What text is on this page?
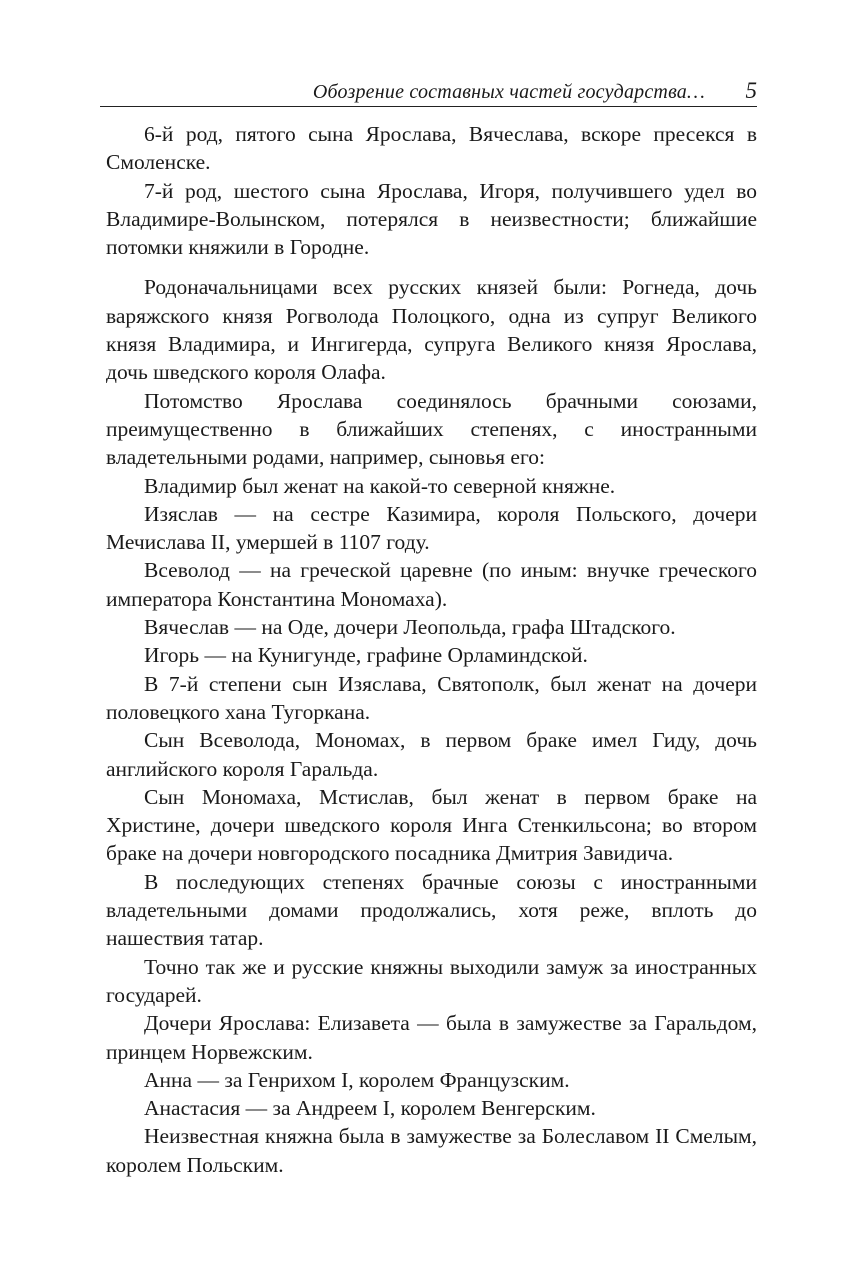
Обозрение составных частей государства… 5

6-й род, пятого сына Ярослава, Вячеслава, вскоре пресекся в Смоленске.

7-й род, шестого сына Ярослава, Игоря, получившего удел во Владимире-Волынском, потерялся в неизвестности; ближайшие потомки княжили в Городне.

Родоначальницами всех русских князей были: Рогнеда, дочь варяжского князя Рогволода Полоцкого, одна из супруг Великого князя Владимира, и Ингигерда, супруга Великого князя Ярослава, дочь шведского короля Олафа.

Потомство Ярослава соединялось брачными союзами, преимущественно в ближайших степенях, с иностранными владетельными родами, например, сыновья его:

Владимир был женат на какой-то северной княжне.

Изяслав — на сестре Казимира, короля Польского, дочери Мечислава II, умершей в 1107 году.

Всеволод — на греческой царевне (по иным: внучке греческого императора Константина Мономаха).

Вячеслав — на Оде, дочери Леопольда, графа Штадского.

Игорь — на Кунигунде, графине Орламиндской.

В 7-й степени сын Изяслава, Святополк, был женат на дочери половецкого хана Тугоркана.

Сын Всеволода, Мономах, в первом браке имел Гиду, дочь английского короля Гаральда.

Сын Мономаха, Мстислав, был женат в первом браке на Христине, дочери шведского короля Инга Стенкильсона; во втором браке на дочери новгородского посадника Дмитрия Завидича.

В последующих степенях брачные союзы с иностранными владетельными домами продолжались, хотя реже, вплоть до нашествия татар.

Точно так же и русские княжны выходили замуж за иностранных государей.

Дочери Ярослава: Елизавета — была в замужестве за Гаральдом, принцем Норвежским.

Анна — за Генрихом I, королем Французским.

Анастасия — за Андреем I, королем Венгерским.

Неизвестная княжна была в замужестве за Болеславом II Смелым, королем Польским.
